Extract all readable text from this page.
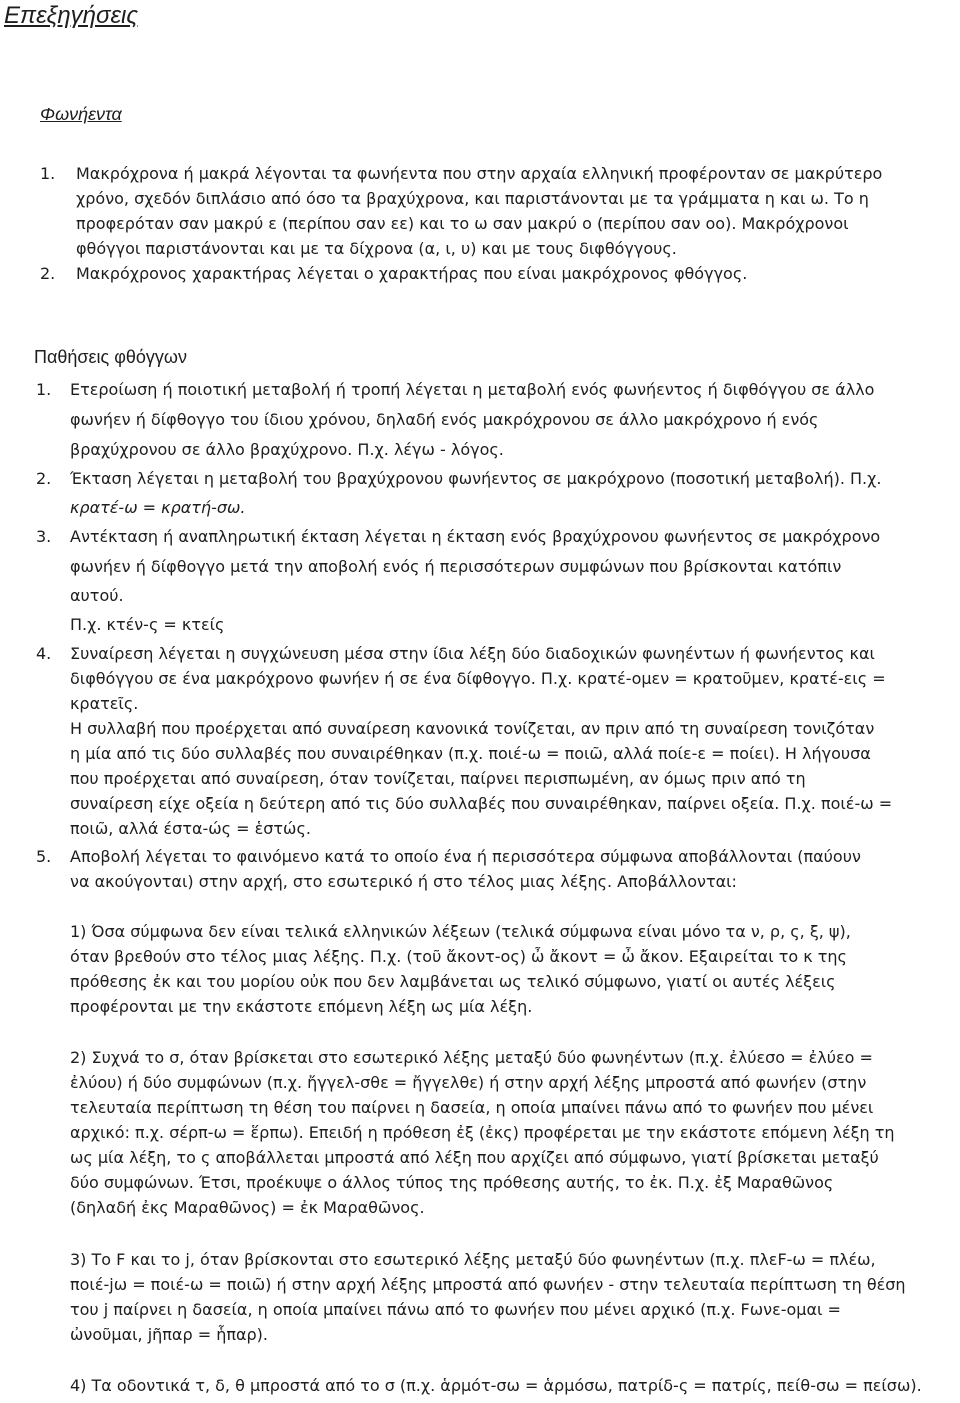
Επεξηγήσεις
Φωνήεντα
1. Μακρόχρονα ή μακρά λέγονται τα φωνήεντα που στην αρχαία ελληνική προφέρονταν σε μακρύτερο
χρόνο, σχεδόν διπλάσιο από όσο τα βραχύχρονα, και παριστάνονται με τα γράμματα η και ω. Το η
προφερόταν σαν μακρύ ε (περίπου σαν εε) και το ω σαν μακρύ ο (περίπου σαν οο). Μακρόχρονοι
φθόγγοι παριστάνονται και με τα δίχρονα (α, ι, υ) και με τους διφθόγγους.
2. Μακρόχρονος χαρακτήρας λέγεται ο χαρακτήρας που είναι μακρόχρονος φθόγγος.
Παθήσεις φθόγγων
1. Ετεροίωση ή ποιοτική μεταβολή ή τροπή λέγεται η μεταβολή ενός φωνήεντος ή διφθόγγου σε άλλο
φωνήεν ή δίφθογγο του ίδιου χρόνου, δηλαδή ενός μακρόχρονου σε άλλο μακρόχρονο ή ενός
βραχύχρονου σε άλλο βραχύχρονο. Π.χ. λέγω - λόγος.
2. Έκταση λέγεται η μεταβολή του βραχύχρονου φωνήεντος σε μακρόχρονο (ποσοτική μεταβολή). Π.χ.
κρατέ-ω = κρατή-σω.
3. Αντέκταση ή αναπληρωτική έκταση λέγεται η έκταση ενός βραχύχρονου φωνήεντος σε μακρόχρονο
φωνήεν ή δίφθογγο μετά την αποβολή ενός ή περισσότερων συμφώνων που βρίσκονται κατόπιν
αυτού.
Π.χ. κτέν-ς = κτείς
4. Συναίρεση λέγεται η συγχώνευση μέσα στην ίδια λέξη δύο διαδοχικών φωνηέντων ή φωνήεντος και
διφθόγγου σε ένα μακρόχρονο φωνήεν ή σε ένα δίφθογγο. Π.χ. κρατέ-ομεν = κρατοῦμεν, κρατέ-εις =
κρατεῖς.
Η συλλαβή που προέρχεται από συναίρεση κανονικά τονίζεται, αν πριν από τη συναίρεση τονιζόταν
η μία από τις δύο συλλαβές που συναιρέθηκαν (π.χ. ποιέ-ω = ποιῶ, αλλά ποίε-ε = ποίει). Η λήγουσα
που προέρχεται από συναίρεση, όταν τονίζεται, παίρνει περισπωμένη, αν όμως πριν από τη
συναίρεση είχε οξεία η δεύτερη από τις δύο συλλαβές που συναιρέθηκαν, παίρνει οξεία. Π.χ. ποιέ-ω =
ποιῶ, αλλά έστα-ώς = ἑστώς.
5. Αποβολή λέγεται το φαινόμενο κατά το οποίο ένα ή περισσότερα σύμφωνα αποβάλλονται (παύουν
να ακούγονται) στην αρχή, στο εσωτερικό ή στο τέλος μιας λέξης. Αποβάλλονται:
1) Όσα σύμφωνα δεν είναι τελικά ελληνικών λέξεων (τελικά σύμφωνα είναι μόνο τα ν, ρ, ς, ξ, ψ),
όταν βρεθούν στο τέλος μιας λέξης. Π.χ. (τοῦ ἄκοντ-ος) ὦ ἄκοντ = ὦ ἄκον. Εξαιρείται το κ της
πρόθεσης ἐκ και του μορίου οὐκ που δεν λαμβάνεται ως τελικό σύμφωνο, γιατί οι αυτές λέξεις
προφέρονται με την εκάστοτε επόμενη λέξη ως μία λέξη.
2) Συχνά το σ, όταν βρίσκεται στο εσωτερικό λέξης μεταξύ δύο φωνηέντων (π.χ. ἐλύεσο = ἐλύεο =
ἐλύου) ή δύο συμφώνων (π.χ. ἤγγελ-σθε = ἤγγελθε) ή στην αρχή λέξης μπροστά από φωνήεν (στην
τελευταία περίπτωση τη θέση του παίρνει η δασεία, η οποία μπαίνει πάνω από το φωνήεν που μένει
αρχικό: π.χ. σέρπ-ω = ἕρπω). Επειδή η πρόθεση ἐξ (ἐκς) προφέρεται με την εκάστοτε επόμενη λέξη τη
ως μία λέξη, το ς αποβάλλεται μπροστά από λέξη που αρχίζει από σύμφωνο, γιατί βρίσκεται μεταξύ
δύο συμφώνων. Έτσι, προέκυψε ο άλλος τύπος της πρόθεσης αυτής, το ἐκ. Π.χ. ἐξ Μαραθῶνος
(δηλαδή ἐκς Μαραθῶνος) = ἐκ Μαραθῶνος.
3) Το F και το j, όταν βρίσκονται στο εσωτερικό λέξης μεταξύ δύο φωνηέντων (π.χ. πλεF-ω = πλέω,
ποιέ-jω = ποιέ-ω = ποιῶ) ή στην αρχή λέξης μπροστά από φωνήεν - στην τελευταία περίπτωση τη θέση
του j παίρνει η δασεία, η οποία μπαίνει πάνω από το φωνήεν που μένει αρχικό (π.χ. Fωνε-ομαι =
ὠνοῦμαι, jῆπαρ = ἧπαρ).
4) Τα οδοντικά τ, δ, θ μπροστά από το σ (π.χ. ἁρμότ-σω = ἁρμόσω, πατρίδ-ς = πατρίς, πείθ-σω = πείσω).
